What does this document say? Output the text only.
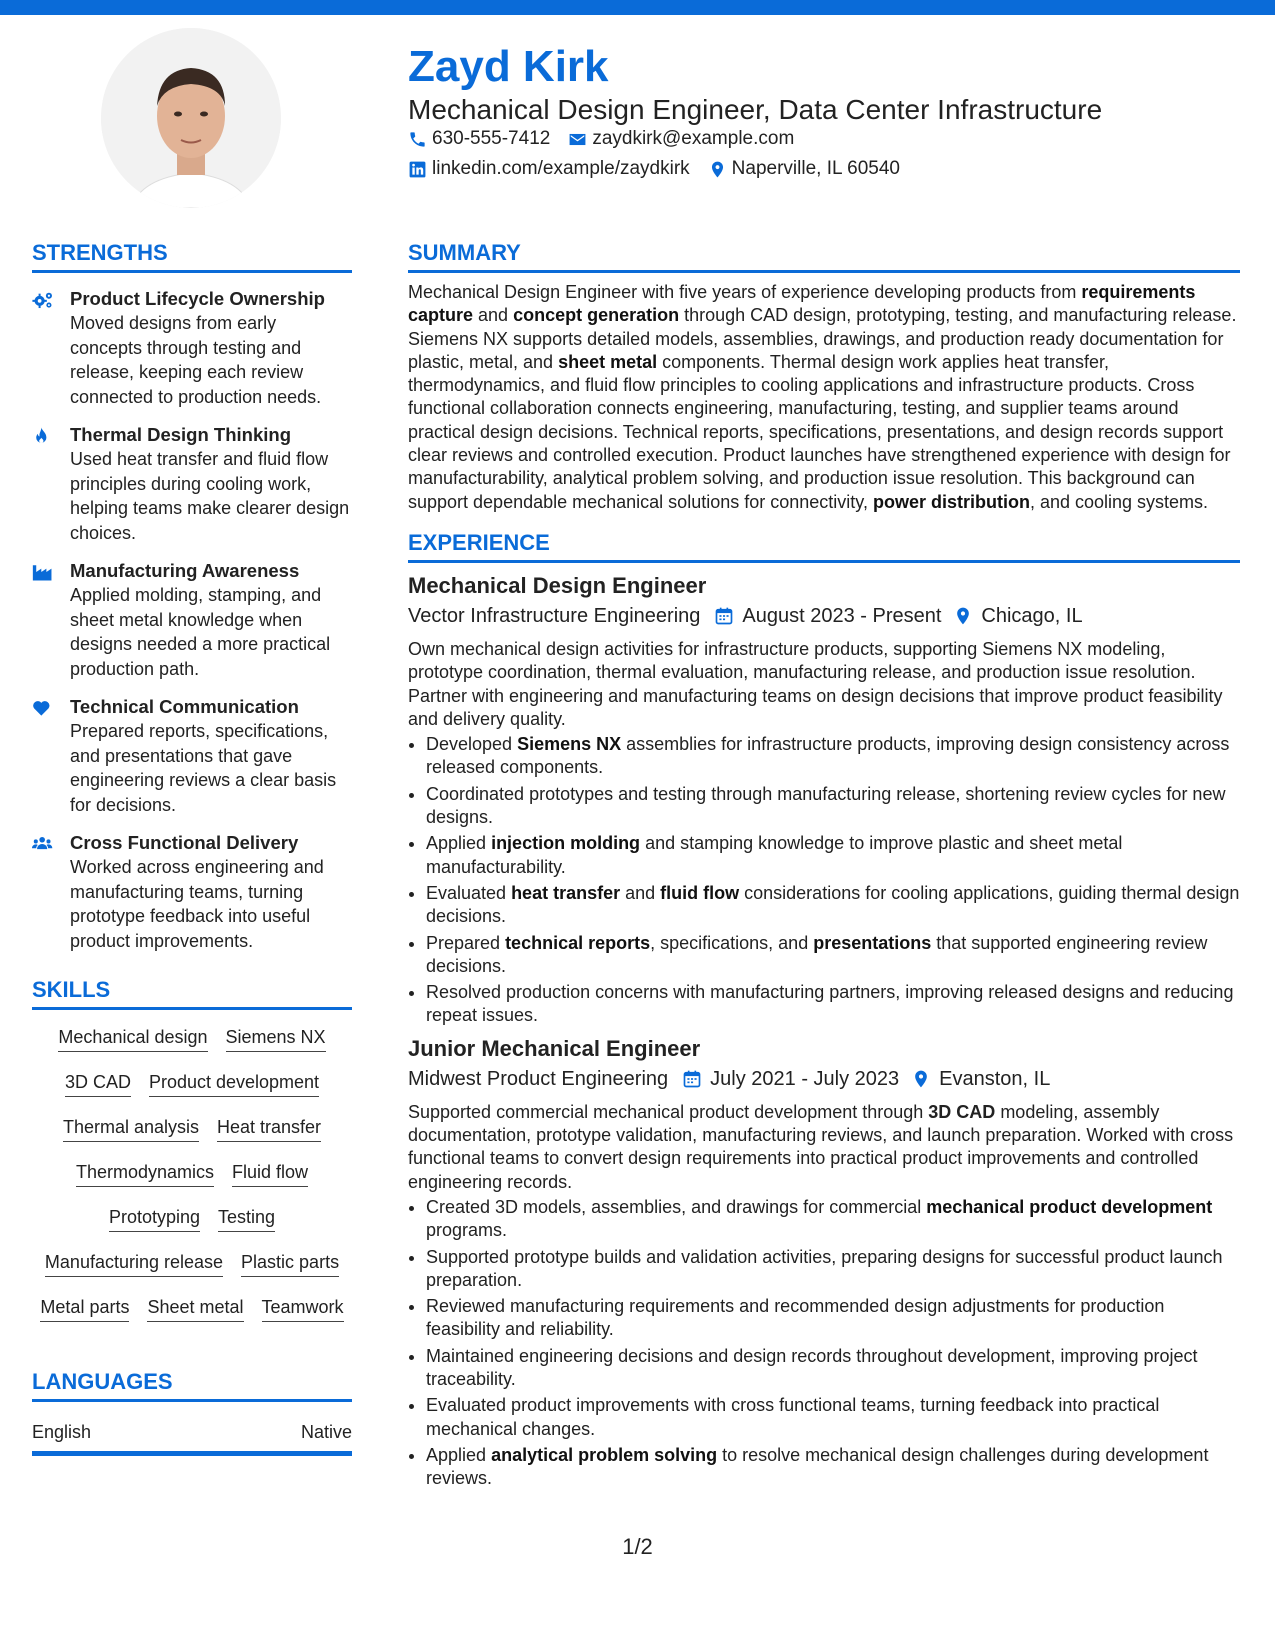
Zayd Kirk
Mechanical Design Engineer, Data Center Infrastructure
630-555-7412 zaydkirk@example.com
linkedin.com/example/zaydkirk Naperville, IL 60540
STRENGTHS
Product Lifecycle Ownership
Moved designs from early concepts through testing and release, keeping each review connected to production needs.
Thermal Design Thinking
Used heat transfer and fluid flow principles during cooling work, helping teams make clearer design choices.
Manufacturing Awareness
Applied molding, stamping, and sheet metal knowledge when designs needed a more practical production path.
Technical Communication
Prepared reports, specifications, and presentations that gave engineering reviews a clear basis for decisions.
Cross Functional Delivery
Worked across engineering and manufacturing teams, turning prototype feedback into useful product improvements.
SKILLS
Mechanical design Siemens NX
3D CAD Product development
Thermal analysis Heat transfer
Thermodynamics Fluid flow
Prototyping Testing
Manufacturing release Plastic parts
Metal parts Sheet metal Teamwork
LANGUAGES
English	Native
SUMMARY

Mechanical Design Engineer with five years of experience developing products from requirements capture and concept generation through CAD design, prototyping, testing, and manufacturing release. Siemens NX supports detailed models, assemblies, drawings, and production ready documentation for plastic, metal, and sheet metal components. Thermal design work applies heat transfer, thermodynamics, and fluid flow principles to cooling applications and infrastructure products. Cross functional collaboration connects engineering, manufacturing, testing, and supplier teams around practical design decisions. Technical reports, specifications, presentations, and design records support clear reviews and controlled execution. Product launches have strengthened experience with design for manufacturability, analytical problem solving, and production issue resolution. This background can support dependable mechanical solutions for connectivity, power distribution, and cooling systems.

EXPERIENCE
Mechanical Design Engineer
Vector Infrastructure Engineering August 2023 - Present Chicago, IL
Own mechanical design activities for infrastructure products, supporting Siemens NX modeling, prototype coordination, thermal evaluation, manufacturing release, and production issue resolution. Partner with engineering and manufacturing teams on design decisions that improve product feasibility and delivery quality.
• Developed Siemens NX assemblies for infrastructure products, improving design consistency across released components.
• Coordinated prototypes and testing through manufacturing release, shortening review cycles for new designs.
• Applied injection molding and stamping knowledge to improve plastic and sheet metal manufacturability.
• Evaluated heat transfer and fluid flow considerations for cooling applications, guiding thermal design decisions.
• Prepared technical reports, specifications, and presentations that supported engineering review decisions.
• Resolved production concerns with manufacturing partners, improving released designs and reducing repeat issues.
Junior Mechanical Engineer
Midwest Product Engineering July 2021 - July 2023 Evanston, IL
Supported commercial mechanical product development through 3D CAD modeling, assembly documentation, prototype validation, manufacturing reviews, and launch preparation. Worked with cross functional teams to convert design requirements into practical product improvements and controlled engineering records.
• Created 3D models, assemblies, and drawings for commercial mechanical product development programs.
• Supported prototype builds and validation activities, preparing designs for successful product launch preparation.
• Reviewed manufacturing requirements and recommended design adjustments for production feasibility and reliability.
• Maintained engineering decisions and design records throughout development, improving project traceability.
• Evaluated product improvements with cross functional teams, turning feedback into practical mechanical changes.
• Applied analytical problem solving to resolve mechanical design challenges during development reviews.
1/2
